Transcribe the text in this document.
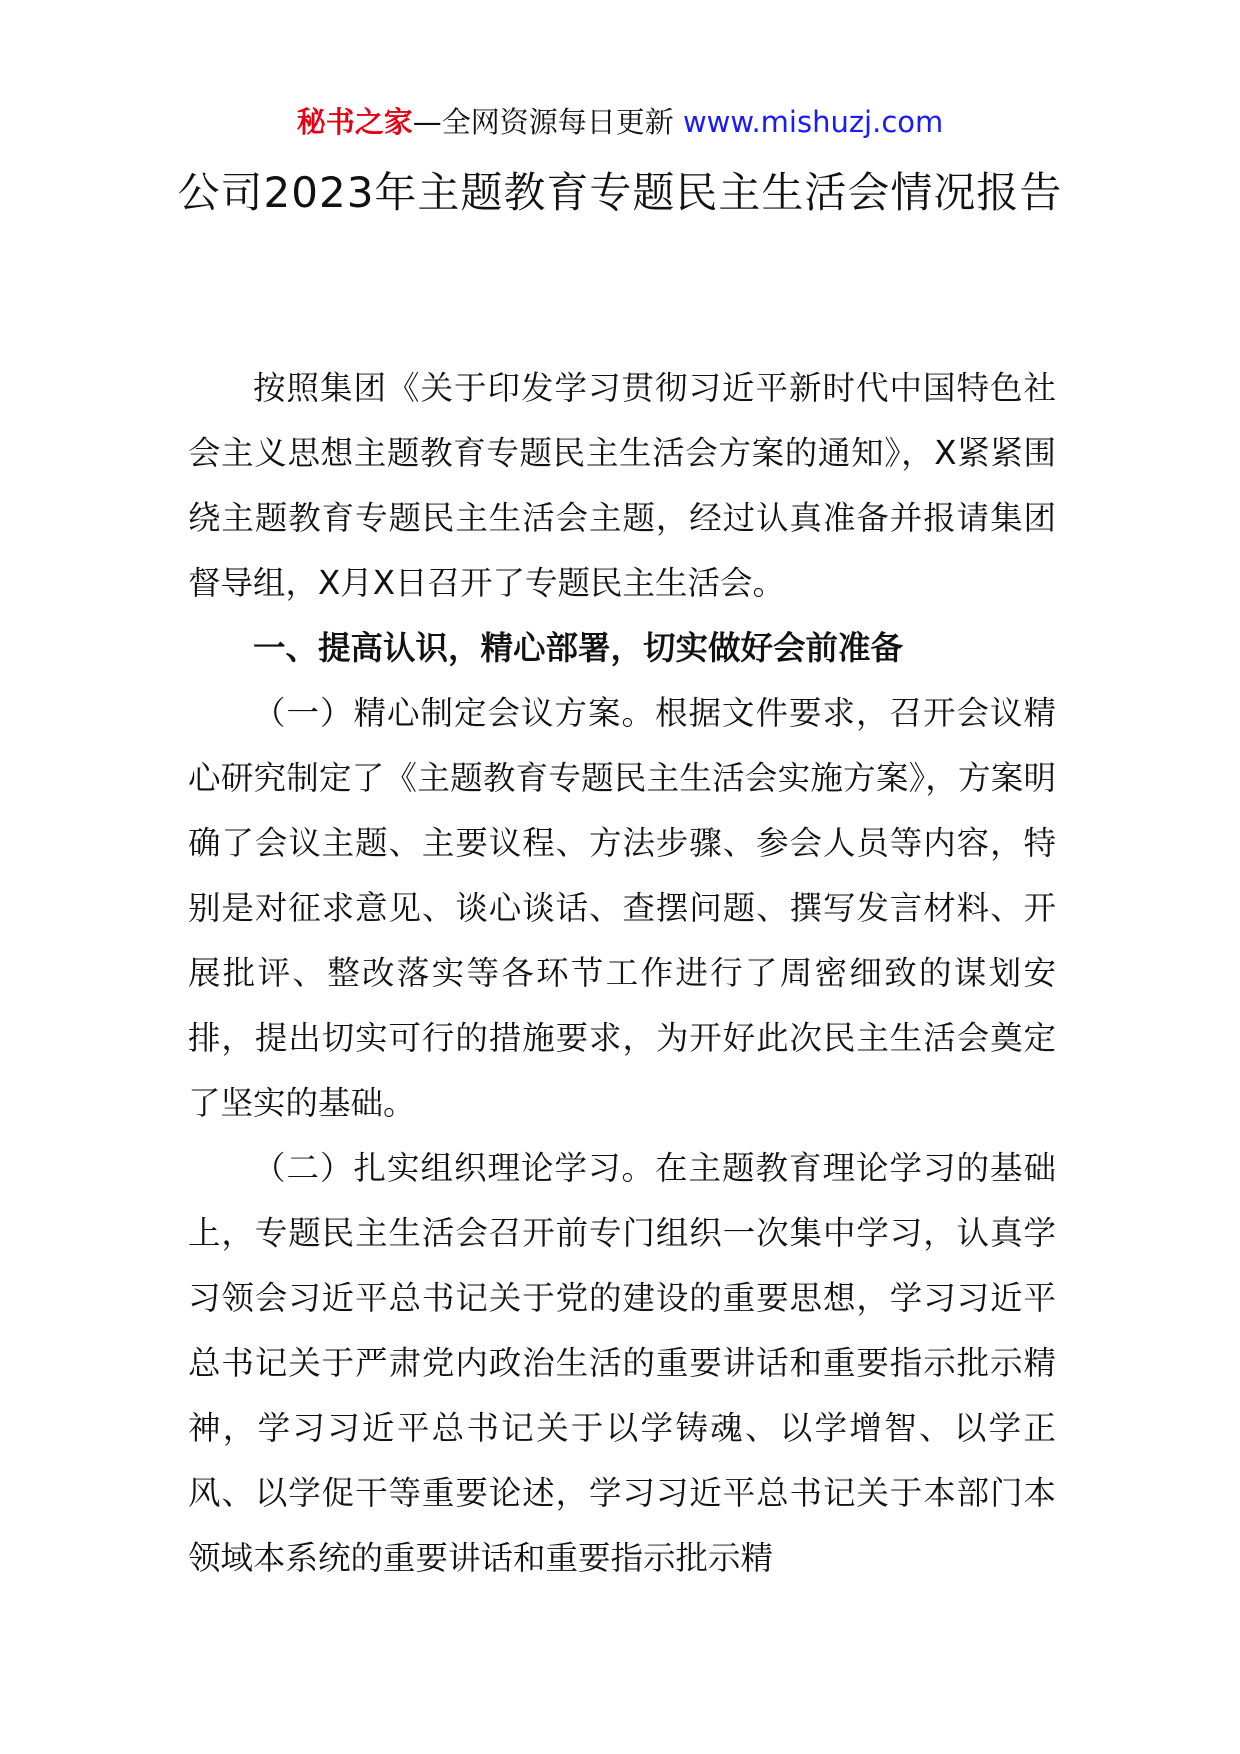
秘书之家—全网资源每日更新 www.mishuzj.com
公司2023年主题教育专题民主生活会情况报告

按照集团《关于印发学习贯彻习近平新时代中国特色社会主义思想主题教育专题民主生活会方案的通知》，X紧紧围绕主题教育专题民主生活会主题，经过认真准备并报请集团督导组，X月X日召开了专题民主生活会。

一、提高认识，精心部署，切实做好会前准备

（一）精心制定会议方案。根据文件要求，召开会议精心研究制定了《主题教育专题民主生活会实施方案》，方案明确了会议主题、主要议程、方法步骤、参会人员等内容，特别是对征求意见、谈心谈话、查摆问题、撰写发言材料、开展批评、整改落实等各环节工作进行了周密细致的谋划安排，提出切实可行的措施要求，为开好此次民主生活会奠定了坚实的基础。

（二）扎实组织理论学习。在主题教育理论学习的基础上，专题民主生活会召开前专门组织一次集中学习，认真学习领会习近平总书记关于党的建设的重要思想，学习习近平总书记关于严肃党内政治生活的重要讲话和重要指示批示精神，学习习近平总书记关于以学铸魂、以学增智、以学正风、以学促干等重要论述，学习习近平总书记关于本部门本领域本系统的重要讲话和重要指示批示精
